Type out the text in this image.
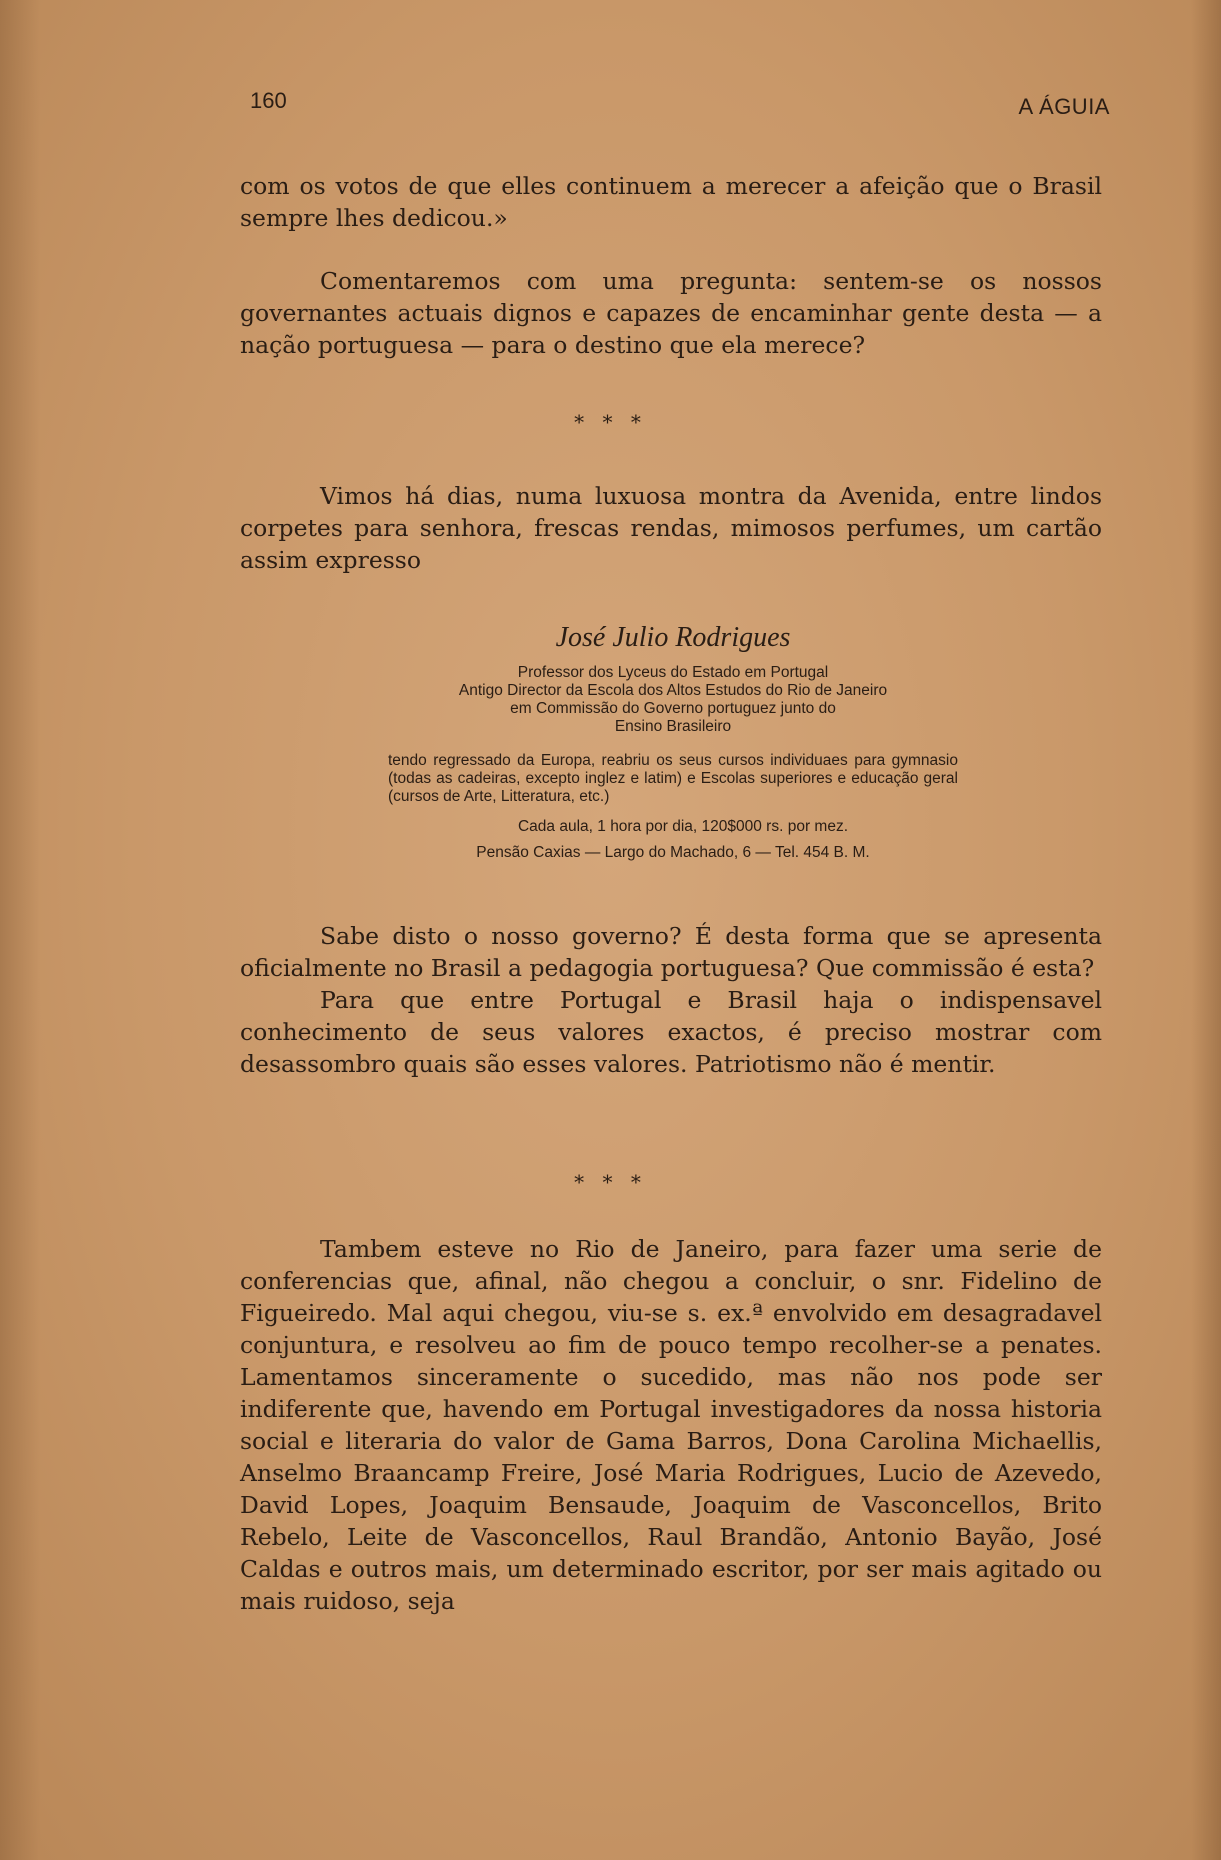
160	A ÁGUIA

com os votos de que elles continuem a merecer a afeição que o Brasil sempre lhes dedicou.»

Comentaremos com uma pregunta: sentem-se os nossos governantes actuais dignos e capazes de encaminhar gente desta — a nação portuguesa — para o destino que ela merece?

* * *

Vimos há dias, numa luxuosa montra da Avenida, entre lindos corpetes para senhora, frescas rendas, mimosos perfumes, um cartão assim expresso

José Julio Rodrigues
Professor dos Lyceus do Estado em Portugal
Antigo Director da Escola dos Altos Estudos do Rio de Janeiro
em Commissão do Governo portuguez junto do
Ensino Brasileiro
tendo regressado da Europa, reabriu os seus cursos individuaes para gymnasio (todas as cadeiras, excepto inglez e latim) e Escolas superiores e educação geral (cursos de Arte, Litteratura, etc.)
Cada aula, 1 hora por dia, 120$000 rs. por mez.
Pensão Caxias — Largo do Machado, 6 — Tel. 454 B. M.

Sabe disto o nosso governo? É desta forma que se apresenta oficialmente no Brasil a pedagogia portuguesa? Que commissão é esta?

Para que entre Portugal e Brasil haja o indispensavel conhecimento de seus valores exactos, é preciso mostrar com desassombro quais são esses valores. Patriotismo não é mentir.

* * *

Tambem esteve no Rio de Janeiro, para fazer uma serie de conferencias que, afinal, não chegou a concluir, o snr. Fidelino de Figueiredo. Mal aqui chegou, viu-se s. ex.ª envolvido em desagradavel conjuntura, e resolveu ao fim de pouco tempo recolher-se a penates. Lamentamos sinceramente o sucedido, mas não nos pode ser indiferente que, havendo em Portugal investigadores da nossa historia social e literaria do valor de Gama Barros, Dona Carolina Michaellis, Anselmo Braancamp Freire, José Maria Rodrigues, Lucio de Azevedo, David Lopes, Joaquim Bensaude, Joaquim de Vasconcellos, Brito Rebelo, Leite de Vasconcellos, Raul Brandão, Antonio Bayão, José Caldas e outros mais, um determinado escritor, por ser mais agitado ou mais ruidoso, seja
